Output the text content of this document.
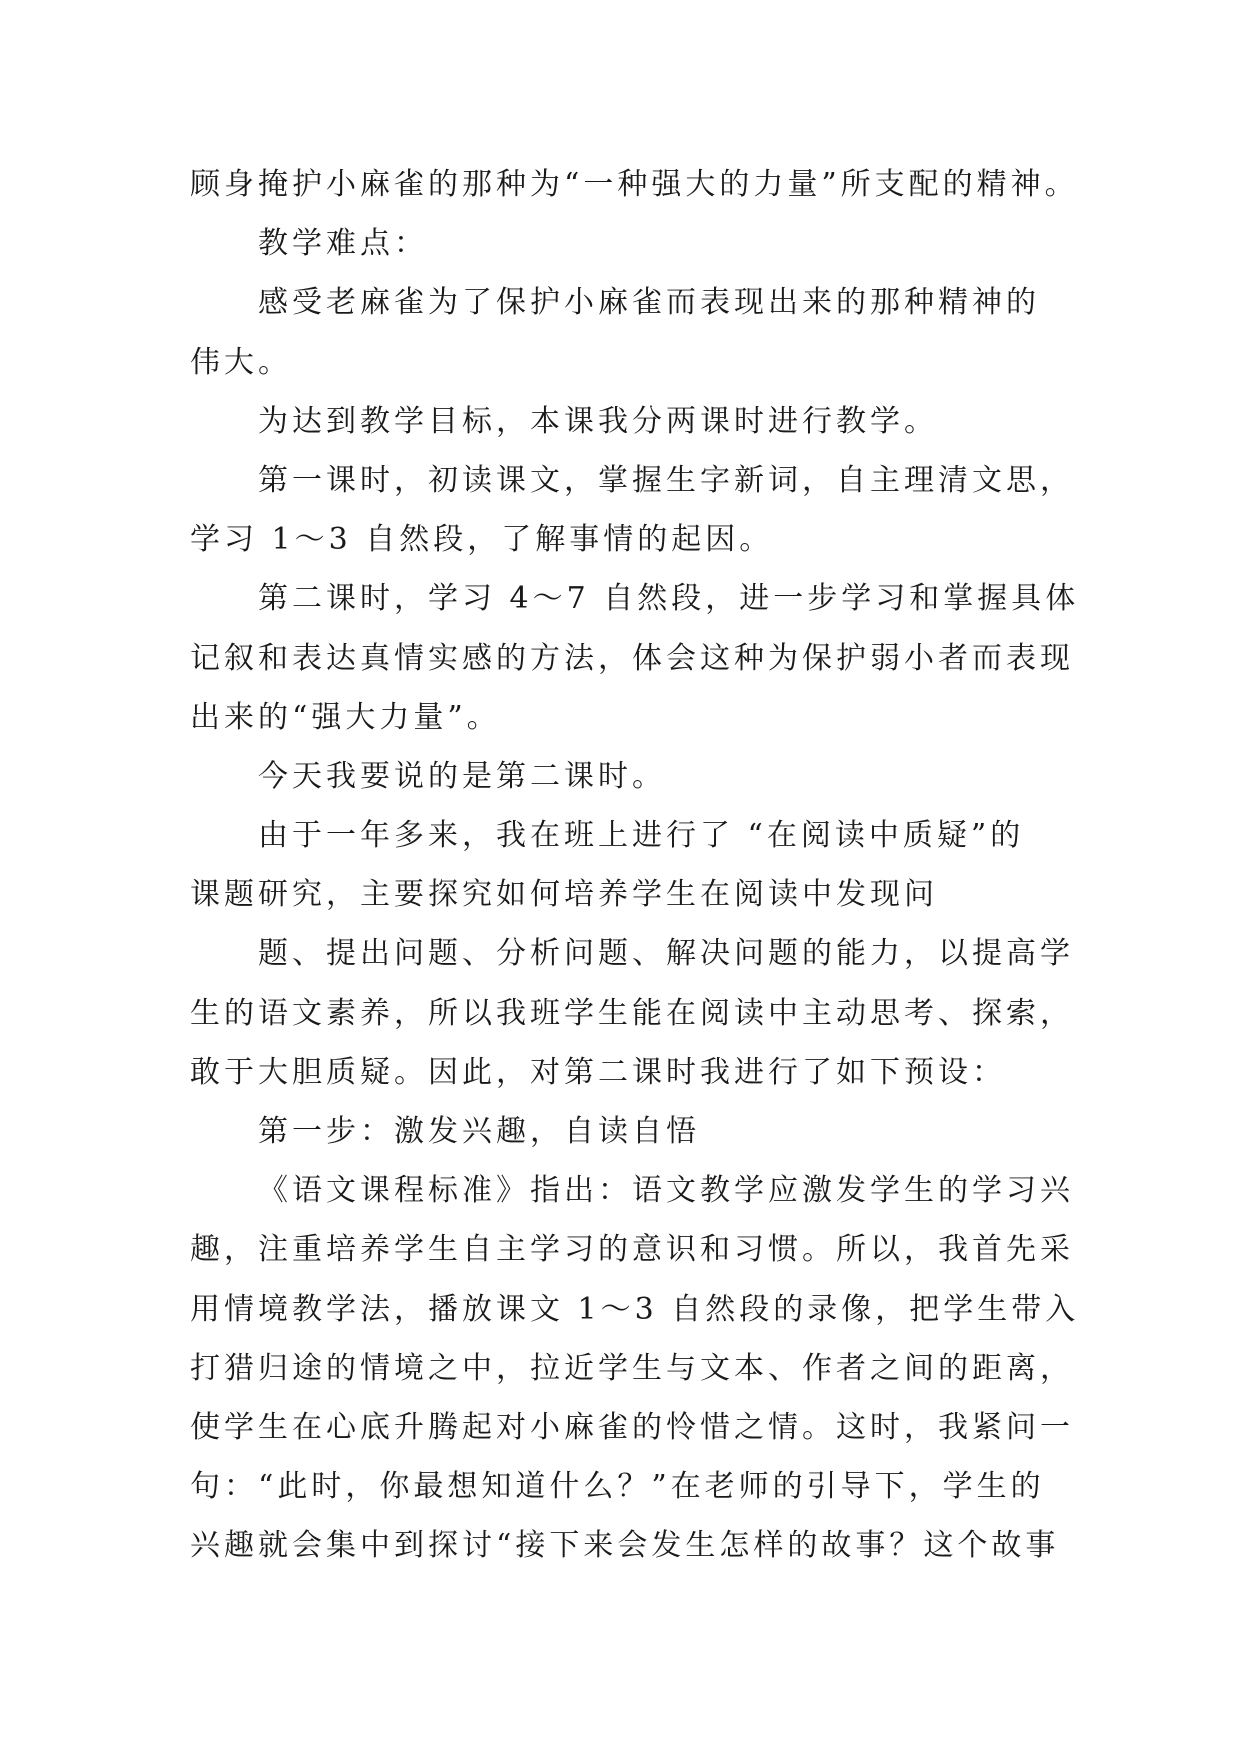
顾身掩护小麻雀的那种为“一种强大的力量”所支配的精神。
教学难点：
感受老麻雀为了保护小麻雀而表现出来的那种精神的
伟大。
为达到教学目标，本课我分两课时进行教学。
第一课时，初读课文，掌握生字新词，自主理清文思，
学习 1～3 自然段，了解事情的起因。
第二课时，学习 4～7 自然段，进一步学习和掌握具体
记叙和表达真情实感的方法，体会这种为保护弱小者而表现
出来的“强大力量”。
今天我要说的是第二课时。
由于一年多来，我在班上进行了 “在阅读中质疑”的
课题研究，主要探究如何培养学生在阅读中发现问
题、提出问题、分析问题、解决问题的能力，以提高学
生的语文素养，所以我班学生能在阅读中主动思考、探索，
敢于大胆质疑。因此，对第二课时我进行了如下预设：
第一步：激发兴趣，自读自悟
《语文课程标准》指出：语文教学应激发学生的学习兴
趣，注重培养学生自主学习的意识和习惯。所以，我首先采
用情境教学法，播放课文 1～3 自然段的录像，把学生带入
打猎归途的情境之中，拉近学生与文本、作者之间的距离，
使学生在心底升腾起对小麻雀的怜惜之情。这时，我紧问一
句：“此时，你最想知道什么？”在老师的引导下，学生的
兴趣就会集中到探讨“接下来会发生怎样的故事？这个故事
